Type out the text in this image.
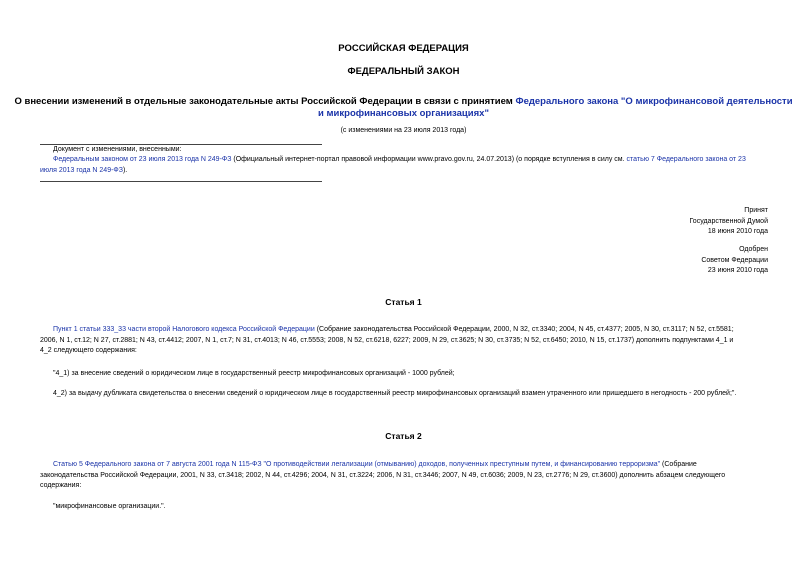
РОССИЙСКАЯ ФЕДЕРАЦИЯ
ФЕДЕРАЛЬНЫЙ ЗАКОН
О внесении изменений в отдельные законодательные акты Российской Федерации в связи с принятием Федерального закона "О микрофинансовой деятельности
и микрофинансовых организациях"
(с изменениями на 23 июля 2013 года)
Документ с изменениями, внесенными:
Федеральным законом от 23 июля 2013 года N 249-ФЗ (Официальный интернет-портал правовой информации www.pravo.gov.ru, 24.07.2013) (о порядке вступления в силу см. статью 7 Федерального закона от 23
июля 2013 года N 249-ФЗ).
Принят
Государственной Думой
18 июня 2010 года
Одобрен
Советом Федерации
23 июня 2010 года
Статья 1
Пункт 1 статьи 333_33 части второй Налогового кодекса Российской Федерации (Собрание законодательства Российской Федерации, 2000, N 32, ст.3340; 2004, N 45, ст.4377; 2005, N 30, ст.3117; N 52, ст.5581;
2006, N 1, ст.12; N 27, ст.2881; N 43, ст.4412; 2007, N 1, ст.7; N 31, ст.4013; N 46, ст.5553; 2008, N 52, ст.6218, 6227; 2009, N 29, ст.3625; N 30, ст.3735; N 52, ст.6450; 2010, N 15, ст.1737) дополнить подпунктами 4_1 и
4_2 следующего содержания:
"4_1) за внесение сведений о юридическом лице в государственный реестр микрофинансовых организаций - 1000 рублей;
4_2) за выдачу дубликата свидетельства о внесении сведений о юридическом лице в государственный реестр микрофинансовых организаций взамен утраченного или пришедшего в негодность - 200 рублей;".
Статья 2
Статью 5 Федерального закона от 7 августа 2001 года N 115-ФЗ "О противодействии легализации (отмыванию) доходов, полученных преступным путем, и финансированию терроризма" (Собрание
законодательства Российской Федерации, 2001, N 33, ст.3418; 2002, N 44, ст.4296; 2004, N 31, ст.3224; 2006, N 31, ст.3446; 2007, N 49, ст.6036; 2009, N 23, ст.2776; N 29, ст.3600) дополнить абзацем следующего
содержания:
"микрофинансовые организации.".
